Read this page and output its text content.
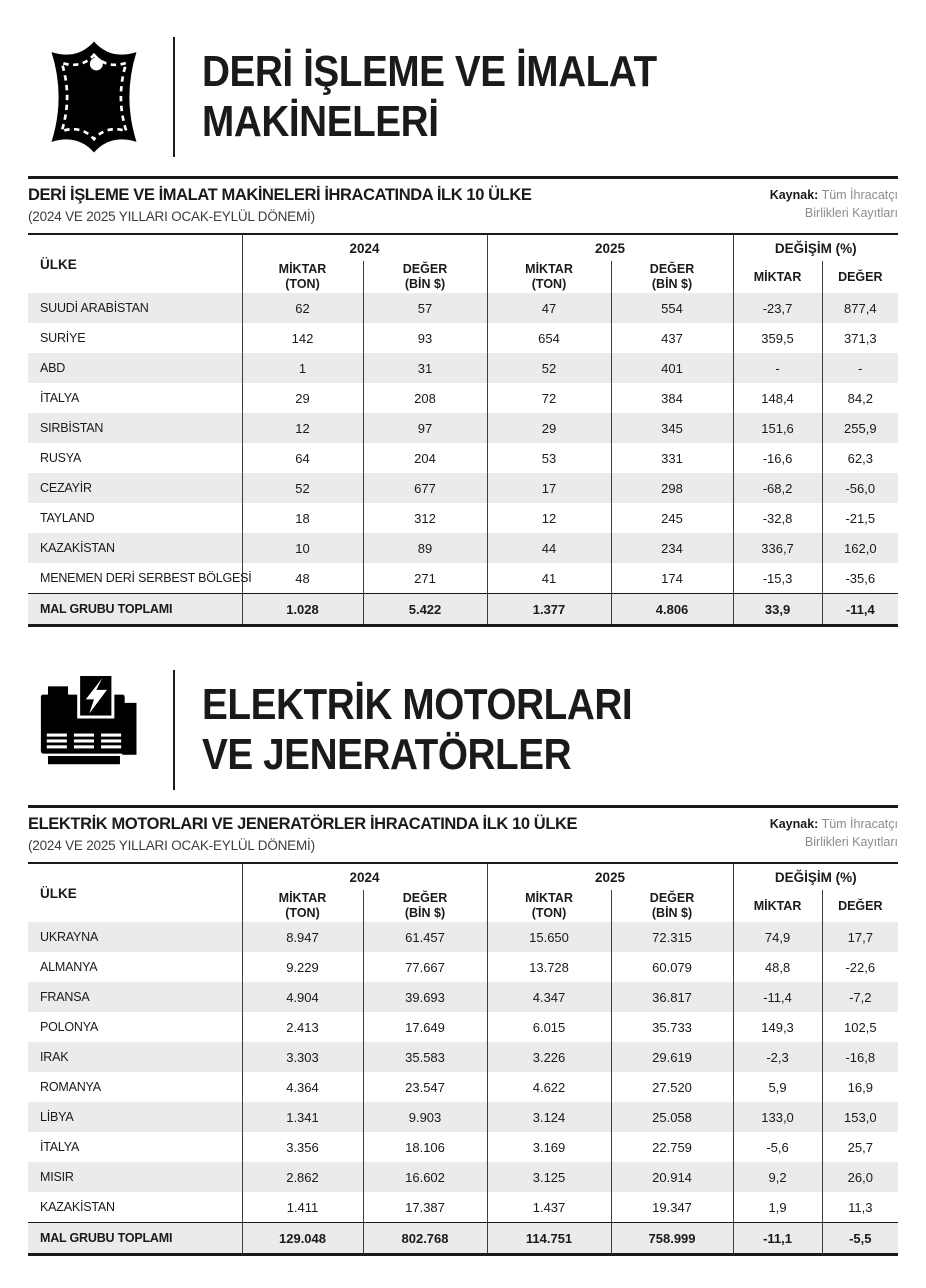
DERİ İŞLEME VE İMALAT
MAKİNELERİ
DERİ İŞLEME VE İMALAT MAKİNELERİ İHRACATINDA İLK 10 ÜLKE
(2024 VE 2025 YILLARI OCAK-EYLÜL DÖNEMİ)
Kaynak: Tüm İhracatçı
Birlikleri Kayıtları
ÜLKE	2024		2025		DEĞİŞİM (%)	

MİKTAR
(TON)

DEĞER
(BİN $)

MİKTAR
(TON)

DEĞER
(BİN $)

MİKTAR	DEĞER

SUUDİ ARABİSTAN	62	57	47	554	-23,7	877,4
SURİYE	142	93	654	437	359,5	371,3
ABD	1	31	52	401	-	-
İTALYA	29	208	72	384	148,4	84,2
SIRBİSTAN	12	97	29	345	151,6	255,9
RUSYA	64	204	53	331	-16,6	62,3
CEZAYİR	52	677	17	298	-68,2	-56,0
TAYLAND	18	312	12	245	-32,8	-21,5
KAZAKİSTAN	10	89	44	234	336,7	162,0
MENEMEN DERİ SERBEST BÖLGESİ	48	271	41	174	-15,3	-35,6
MAL GRUBU TOPLAMI	1.028	5.422	1.377	4.806	33,9	-11,4
ELEKTRİK MOTORLARI
VE JENERATÖRLER
ELEKTRİK MOTORLARI VE JENERATÖRLER İHRACATINDA İLK 10 ÜLKE
(2024 VE 2025 YILLARI OCAK-EYLÜL DÖNEMİ)
Kaynak: Tüm İhracatçı
Birlikleri Kayıtları
ÜLKE	2024		2025		DEĞİŞİM (%)	

MİKTAR
(TON)

DEĞER
(BİN $)

MİKTAR
(TON)

DEĞER
(BİN $)

MİKTAR	DEĞER

UKRAYNA	8.947	61.457	15.650	72.315	74,9	17,7
ALMANYA	9.229	77.667	13.728	60.079	48,8	-22,6
FRANSA	4.904	39.693	4.347	36.817	-11,4	-7,2
POLONYA	2.413	17.649	6.015	35.733	149,3	102,5
IRAK	3.303	35.583	3.226	29.619	-2,3	-16,8
ROMANYA	4.364	23.547	4.622	27.520	5,9	16,9
LİBYA	1.341	9.903	3.124	25.058	133,0	153,0
İTALYA	3.356	18.106	3.169	22.759	-5,6	25,7
MISIR	2.862	16.602	3.125	20.914	9,2	26,0
KAZAKİSTAN	1.411	17.387	1.437	19.347	1,9	11,3
MAL GRUBU TOPLAMI	129.048	802.768	114.751	758.999	-11,1	-5,5
